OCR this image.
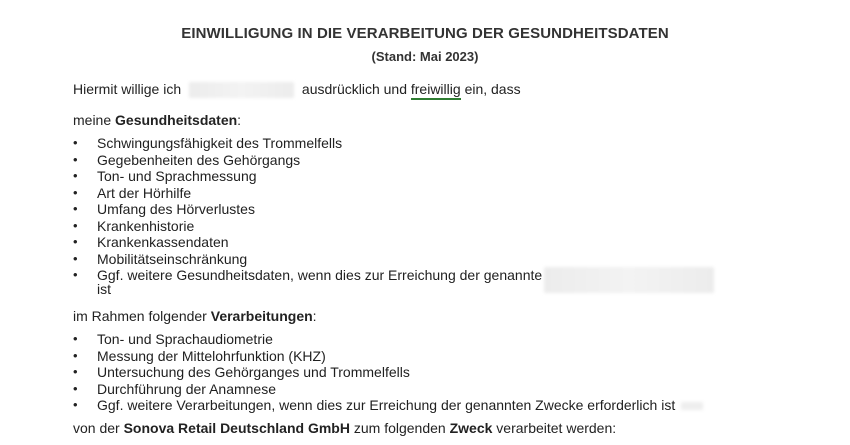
EINWILLIGUNG IN DIE VERARBEITUNG DER GESUNDHEITSDATEN
(Stand: Mai 2023)
Hiermit willige ich	ausdrücklich und freiwillig ein, dass
meine Gesundheitsdaten:
• Schwingungsfähigkeit des Trommelfells
• Gegebenheiten des Gehörgangs
• Ton- und Sprachmessung
• Art der Hörhilfe
• Umfang des Hörverlustes
• Krankenhistorie
• Krankenkassendaten
• Mobilitätseinschränkung
• Ggf. weitere Gesundheitsdaten, wenn dies zur Erreichung der genannte
ist
im Rahmen folgender Verarbeitungen:
• Ton- und Sprachaudiometrie
• Messung der Mittelohrfunktion (KHZ)
• Untersuchung des Gehörganges und Trommelfells
• Durchführung der Anamnese
• Ggf. weitere Verarbeitungen, wenn dies zur Erreichung der genannten Zwecke erforderlich ist
von der Sonova Retail Deutschland GmbH zum folgenden Zweck verarbeitet werden:
